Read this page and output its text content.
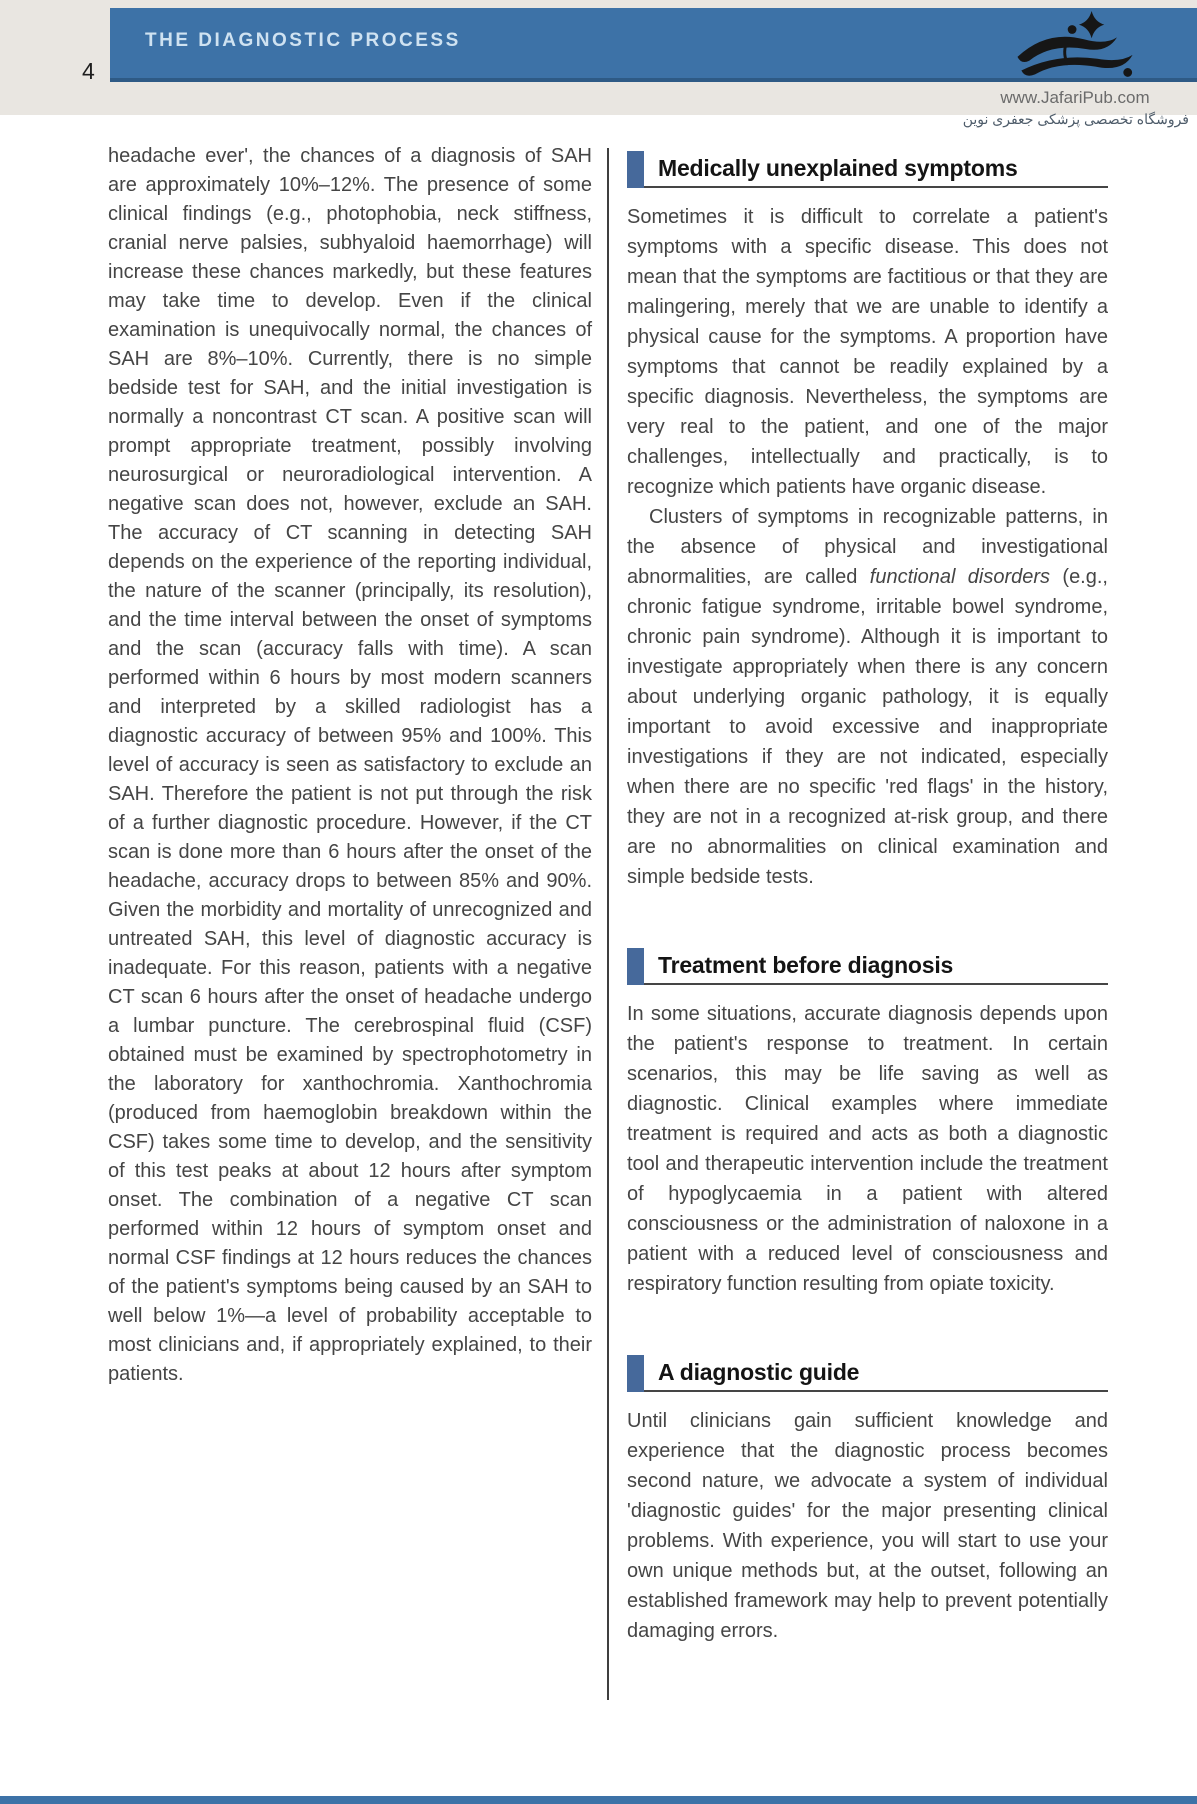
THE DIAGNOSTIC PROCESS
4
www.JafariPub.com
فروشگاه تخصصی پزشکی جعفری نوین

headache ever', the chances of a diagnosis of SAH are approximately 10%–12%. The presence of some clinical findings (e.g., photophobia, neck stiffness, cranial nerve palsies, subhyaloid haemorrhage) will increase these chances markedly, but these features may take time to develop. Even if the clinical examination is unequivocally normal, the chances of SAH are 8%–10%. Currently, there is no simple bedside test for SAH, and the initial investigation is normally a noncontrast CT scan. A positive scan will prompt appropriate treatment, possibly involving neurosurgical or neuroradiological intervention. A negative scan does not, however, exclude an SAH. The accuracy of CT scanning in detecting SAH depends on the experience of the reporting individual, the nature of the scanner (principally, its resolution), and the time interval between the onset of symptoms and the scan (accuracy falls with time). A scan performed within 6 hours by most modern scanners and interpreted by a skilled radiologist has a diagnostic accuracy of between 95% and 100%. This level of accuracy is seen as satisfactory to exclude an SAH. Therefore the patient is not put through the risk of a further diagnostic procedure. However, if the CT scan is done more than 6 hours after the onset of the headache, accuracy drops to between 85% and 90%. Given the morbidity and mortality of unrecognized and untreated SAH, this level of diagnostic accuracy is inadequate. For this reason, patients with a negative CT scan 6 hours after the onset of headache undergo a lumbar puncture. The cerebrospinal fluid (CSF) obtained must be examined by spectrophotometry in the laboratory for xanthochromia. Xanthochromia (produced from haemoglobin breakdown within the CSF) takes some time to develop, and the sensitivity of this test peaks at about 12 hours after symptom onset. The combination of a negative CT scan performed within 12 hours of symptom onset and normal CSF findings at 12 hours reduces the chances of the patient's symptoms being caused by an SAH to well below 1%—a level of probability acceptable to most clinicians and, if appropriately explained, to their patients.

Medically unexplained symptoms

Sometimes it is difficult to correlate a patient's symptoms with a specific disease. This does not mean that the symptoms are factitious or that they are malingering, merely that we are unable to identify a physical cause for the symptoms. A proportion have symptoms that cannot be readily explained by a specific diagnosis. Nevertheless, the symptoms are very real to the patient, and one of the major challenges, intellectually and practically, is to recognize which patients have organic disease.

Clusters of symptoms in recognizable patterns, in the absence of physical and investigational abnormalities, are called functional disorders (e.g., chronic fatigue syndrome, irritable bowel syndrome, chronic pain syndrome). Although it is important to investigate appropriately when there is any concern about underlying organic pathology, it is equally important to avoid excessive and inappropriate investigations if they are not indicated, especially when there are no specific 'red flags' in the history, they are not in a recognized at-risk group, and there are no abnormalities on clinical examination and simple bedside tests.

Treatment before diagnosis

In some situations, accurate diagnosis depends upon the patient's response to treatment. In certain scenarios, this may be life saving as well as diagnostic. Clinical examples where immediate treatment is required and acts as both a diagnostic tool and therapeutic intervention include the treatment of hypoglycaemia in a patient with altered consciousness or the administration of naloxone in a patient with a reduced level of consciousness and respiratory function resulting from opiate toxicity.

A diagnostic guide

Until clinicians gain sufficient knowledge and experience that the diagnostic process becomes second nature, we advocate a system of individual 'diagnostic guides' for the major presenting clinical problems. With experience, you will start to use your own unique methods but, at the outset, following an established framework may help to prevent potentially damaging errors.
